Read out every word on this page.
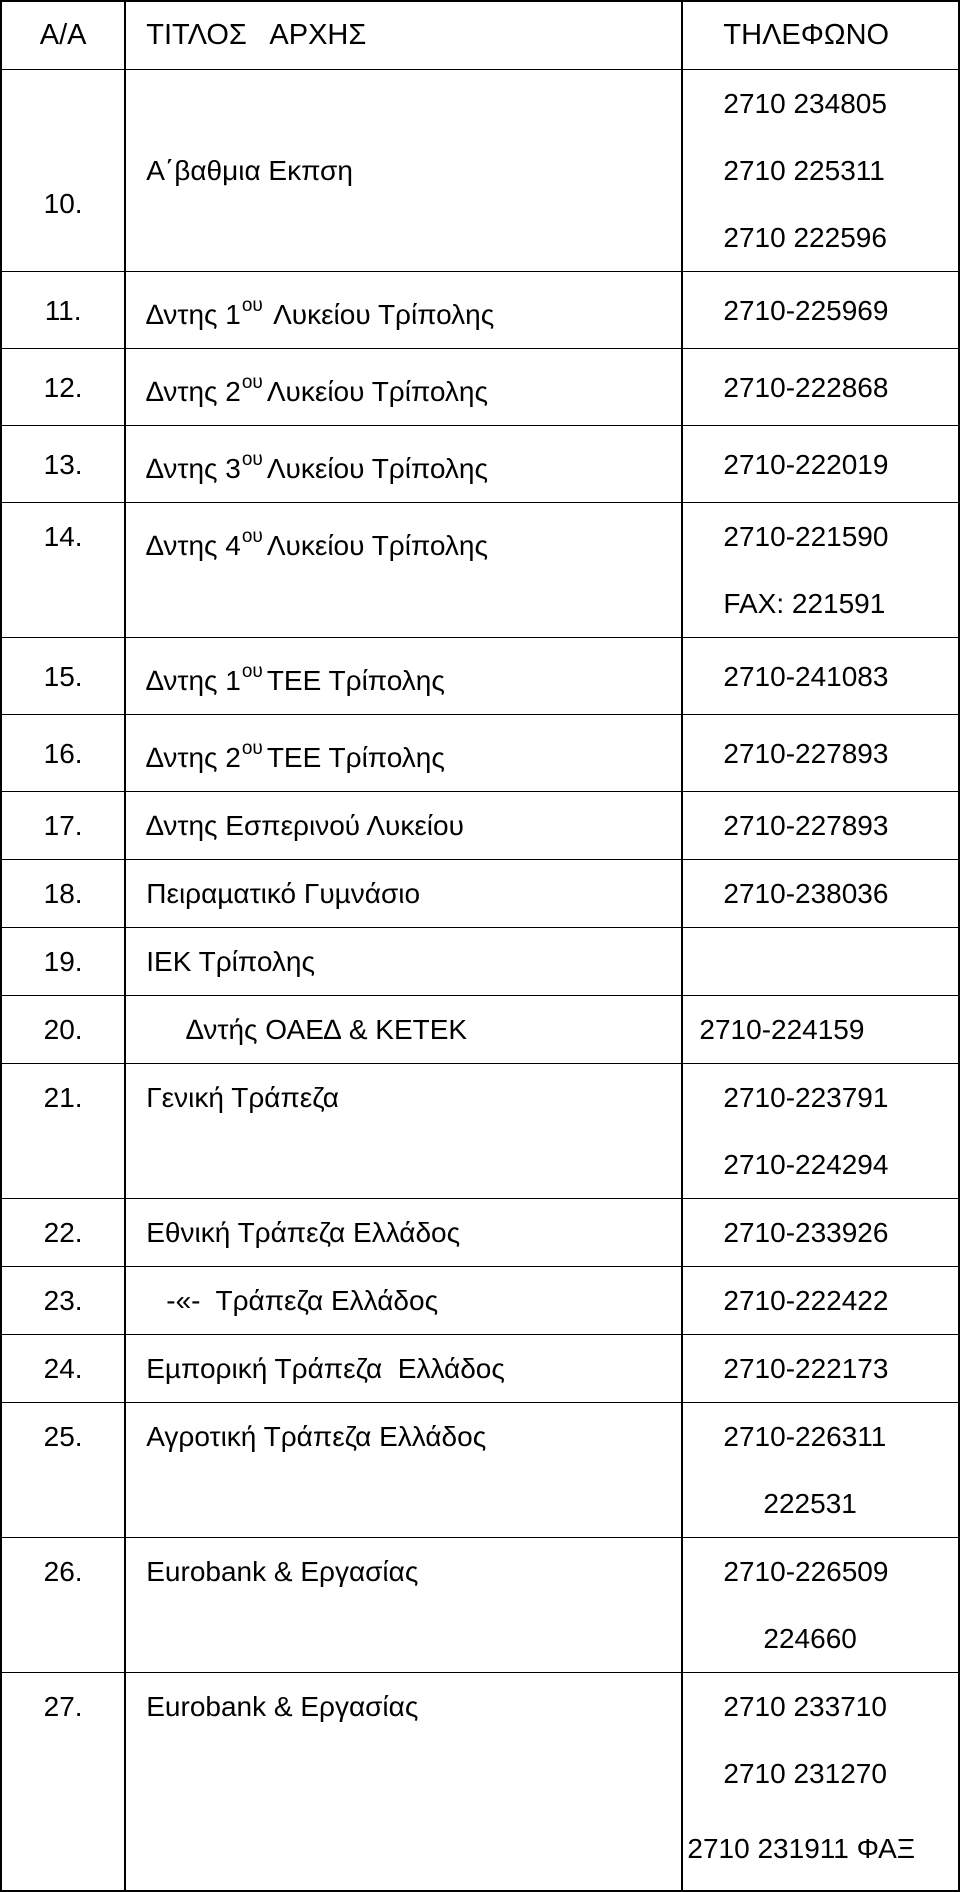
Α/Α	ΤΙΤΛΟΣ   ΑΡΧΗΣ	ΤΗΛΕΦΩΝΟ
10.	Α΄βαθμια Εκπση	2710 234805
2710 225311
2710 222596

11.	∆ντης $1^{o\upsilon}$ Λυκείου Τρίπολης	2710-225969

12.	∆ντης $2^{o\upsilon}$ Λυκείου Τρίπολης	2710-222868

13.	∆ντης $3^{o\upsilon}$ Λυκείου Τρίπολης	2710-222019

14.	∆ντης $4^{o\upsilon}$ Λυκείου Τρίπολης	2710-221590
FAX: 221591

15.	∆ντης $1^{o\upsilon}$ ΤΕΕ Τρίπολης	2710-241083

16.	∆ντης $2^{o\upsilon}$ ΤΕΕ Τρίπολης	2710-227893

17.	∆ντης Εσπερινού Λυκείου	2710-227893

18.	Πειραµατικό Γυµνάσιο	2710-238036

19.	ΙΕΚ Τρίπολης	

20.	∆ντής ΟΑΕ∆ & ΚΕΤΕΚ	2710-224159

21.	Γενική Τράπεζα	2710-223791
2710-224294

22.	Εθνική Τράπεζα Ελλάδος	2710-233926

23.	-«-  Τράπεζα Ελλάδος	2710-222422

24.	Εµπορική Τράπεζα  Ελλάδος	2710-222173

25.	Αγροτική Τράπεζα Ελλάδος	2710-226311
222531

26.	Eurobank & Εργασίας	2710-226509
224660

27.	Eurobank & Εργασίας	2710 233710
2710 231270
2710 231911 ΦΑΞ
